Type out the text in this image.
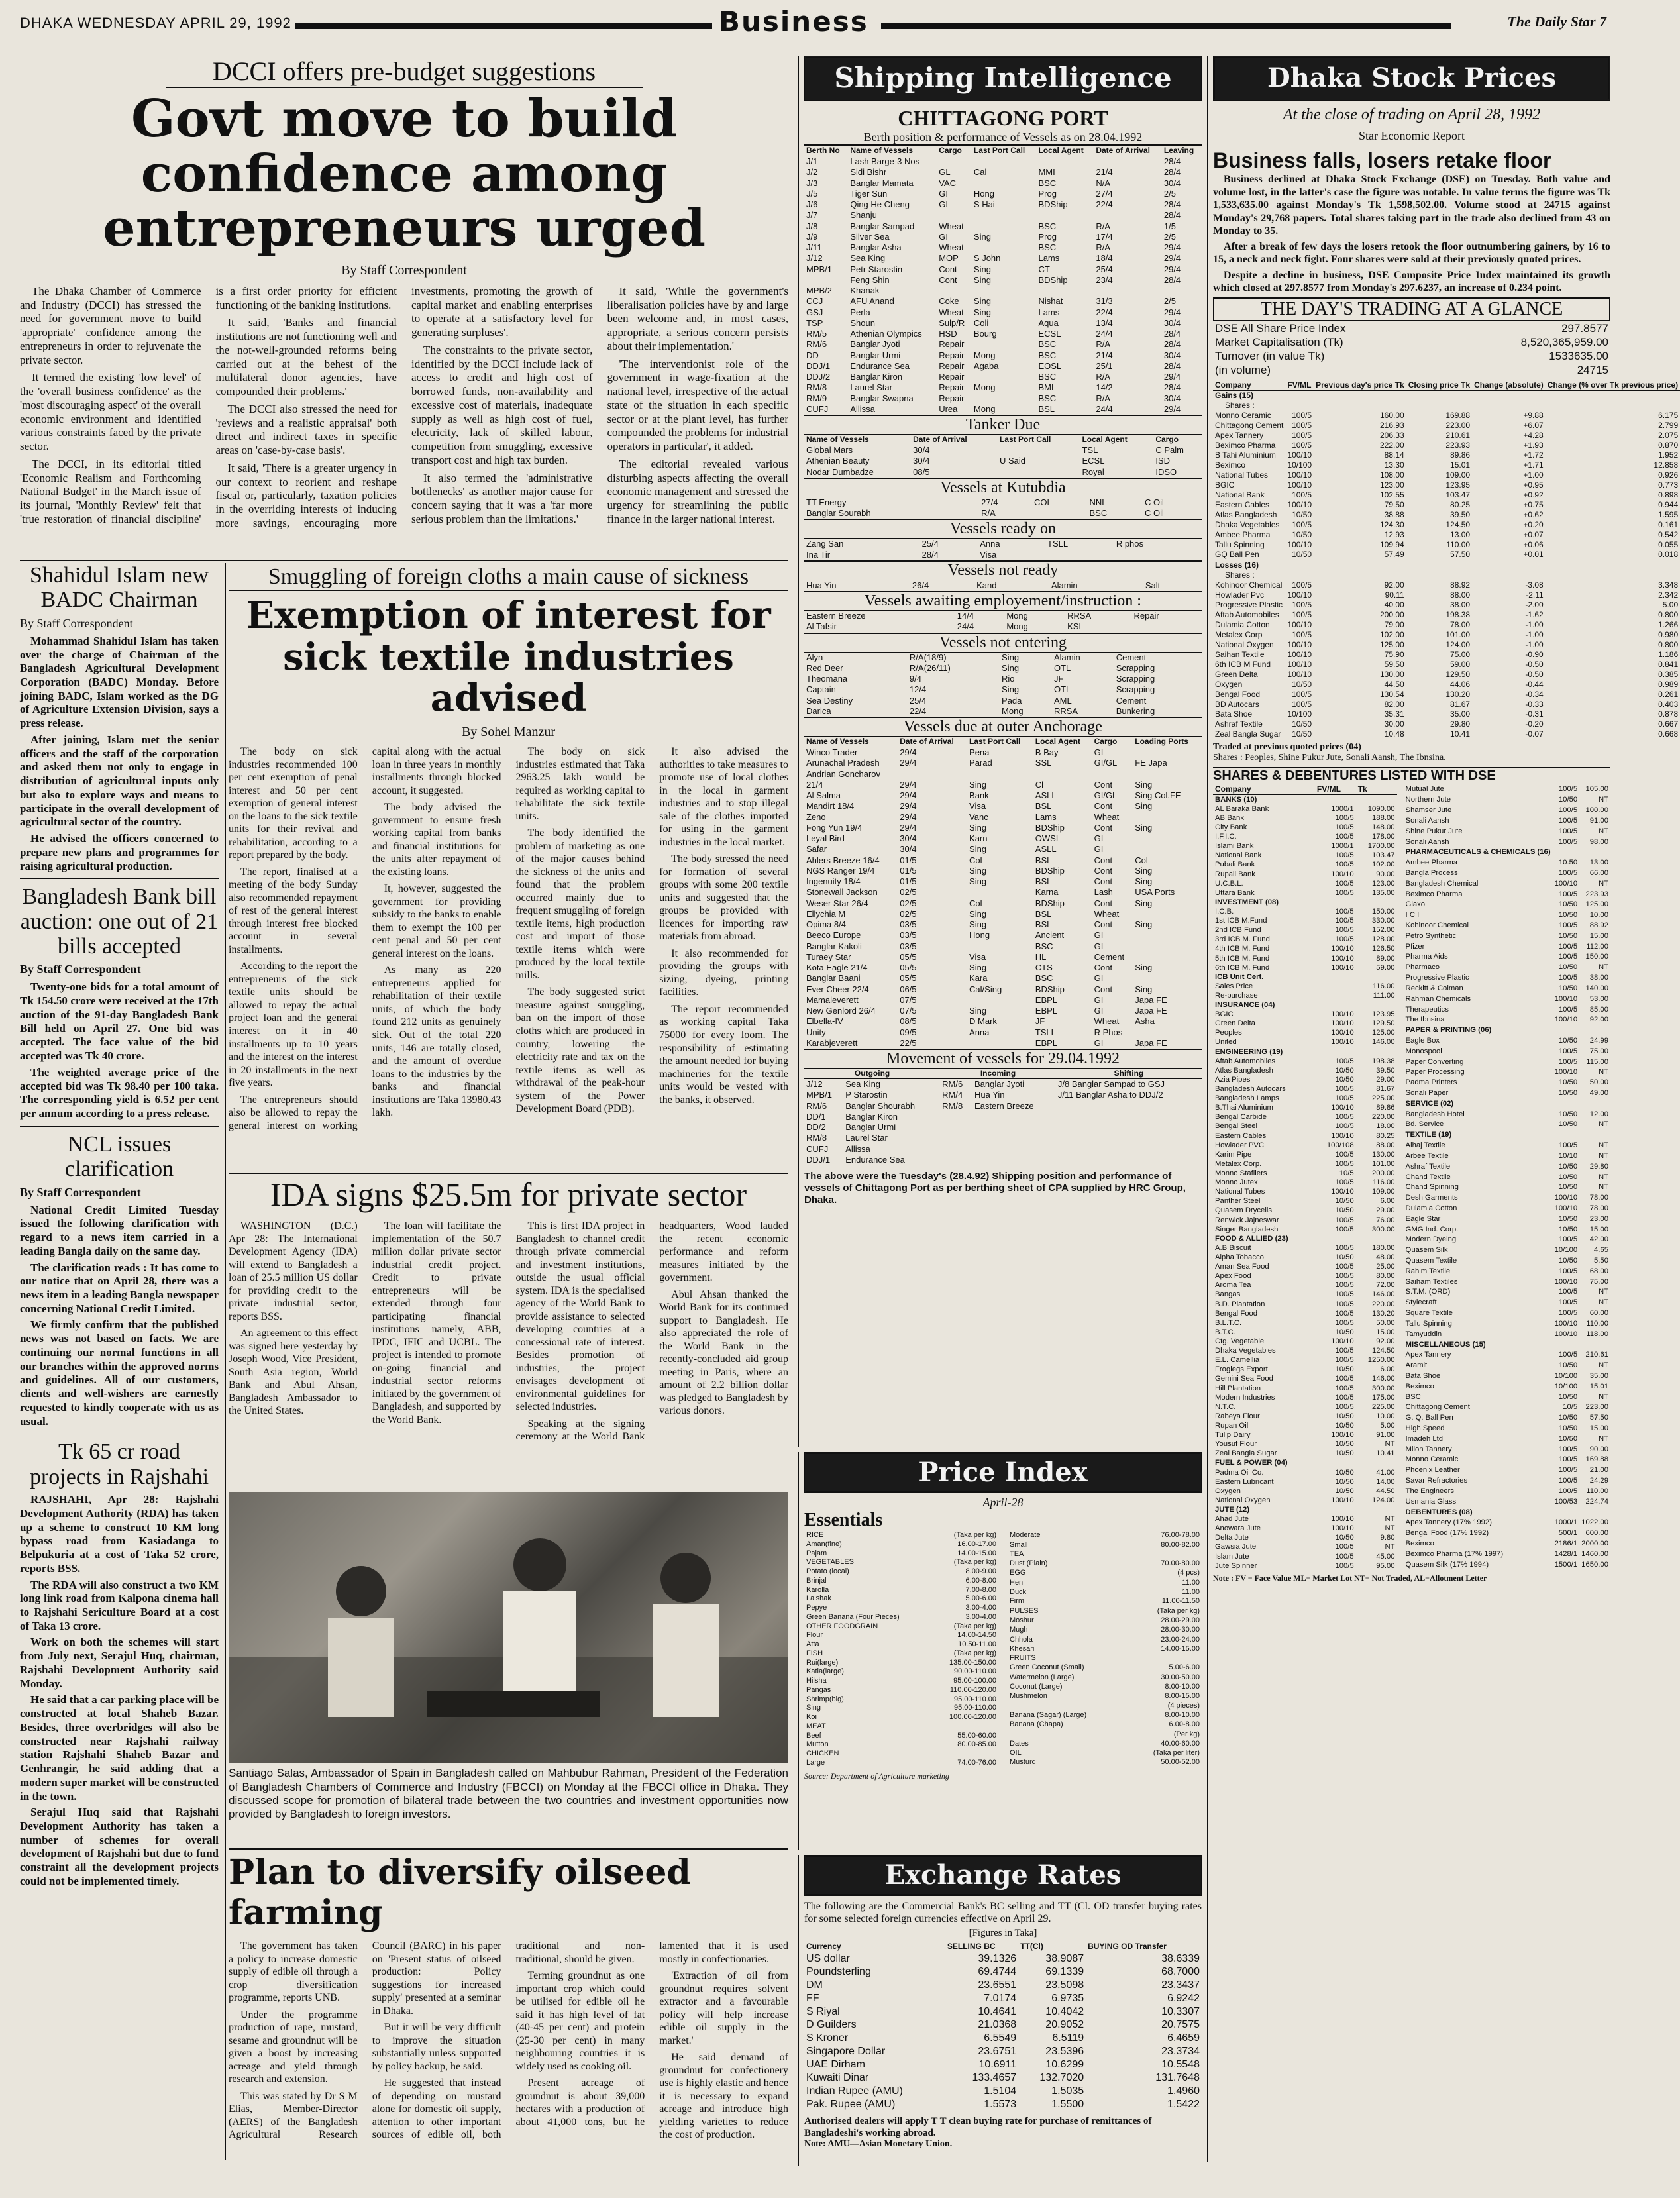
DHAKA WEDNESDAY APRIL 29, 1992	Business	The Daily Star 7
DCCI offers pre-budget suggestions
Govt move to build confidence among entrepreneurs urged
By Staff Correspondent

The Dhaka Chamber of Commerce and Industry (DCCI) has stressed the need for government move to build 'appropriate' confidence among the entrepreneurs in order to rejuvenate the private sector.

It termed the existing 'low level' of the 'overall business confidence' as the 'most discouraging aspect' of the overall economic environment and identified various constraints faced by the private sector.

The DCCI, in its editorial titled 'Economic Realism and Forthcoming National Budget' in the March issue of its journal, 'Monthly Review' felt that 'true restoration of financial discipline' is a first order priority for efficient functioning of the banking institutions.

It said, 'Banks and financial institutions are not functioning well and the not-well-grounded reforms being carried out at the behest of the multilateral donor agencies, have compounded their problems.'

The DCCI also stressed the need for 'reviews and a realistic appraisal' both direct and indirect taxes in specific areas on 'case-by-case basis'.

It said, 'There is a greater urgency in our context to reorient and reshape fiscal or, particularly, taxation policies in the overriding interests of inducing more savings, encouraging more investments, promoting the growth of capital market and enabling enterprises to operate at a satisfactory level for generating surpluses'.

The constraints to the private sector, identified by the DCCI include lack of access to credit and high cost of borrowed funds, non-availability and excessive cost of materials, inadequate supply as well as high cost of fuel, electricity, lack of skilled labour, competition from smuggling, excessive transport cost and high tax burden.

It also termed the 'administrative bottlenecks' as another major cause for concern saying that it was a 'far more serious problem than the limitations.'

It said, 'While the government's liberalisation policies have by and large been welcome and, in most cases, appropriate, a serious concern persists about their implementation.'

'The interventionist role of the government in wage-fixation at the national level, irrespective of the actual state of the situation in each specific sector or at the plant level, has further compounded the problems for industrial operators in particular', it added.

The editorial revealed various disturbing aspects affecting the overall economic management and stressed the urgency for streamlining the public finance in the larger national interest.

Shahidul Islam new BADC Chairman
By Staff Correspondent

Mohammad Shahidul Islam has taken over the charge of Chairman of the Bangladesh Agricultural Development Corporation (BADC) Monday. Before joining BADC, Islam worked as the DG of Agriculture Extension Division, says a press release.

After joining, Islam met the senior officers and the staff of the corporation and asked them not only to engage in distribution of agricultural inputs only but also to explore ways and means to participate in the overall development of agricultural sector of the country.

He advised the officers concerned to prepare new plans and programmes for raising agricultural production.

Bangladesh Bank bill auction: one out of 21 bills accepted
By Staff Correspondent

Twenty-one bids for a total amount of Tk 154.50 crore were received at the 17th auction of the 91-day Bangladesh Bank Bill held on April 27. One bid was accepted. The face value of the bid accepted was Tk 40 crore.

The weighted average price of the accepted bid was Tk 98.40 per 100 taka. The corresponding yield is 6.52 per cent per annum according to a press release.

NCL issues clarification
By Staff Correspondent

National Credit Limited Tuesday issued the following clarification with regard to a news item carried in a leading Bangla daily on the same day.

The clarification reads : It has come to our notice that on April 28, there was a news item in a leading Bangla newspaper concerning National Credit Limited.

We firmly confirm that the published news was not based on facts. We are continuing our normal functions in all our branches within the approved norms and guidelines. All of our customers, clients and well-wishers are earnestly requested to kindly cooperate with us as usual.

Tk 65 cr road projects in Rajshahi

RAJSHAHI, Apr 28: Rajshahi Development Authority (RDA) has taken up a scheme to construct 10 KM long bypass road from Kasiadanga to Belpukuria at a cost of Taka 52 crore, reports BSS.

The RDA will also construct a two KM long link road from Kalpona cinema hall to Rajshahi Sericulture Board at a cost of Taka 13 crore.

Work on both the schemes will start from July next, Serajul Huq, chairman, Rajshahi Development Authority said Monday.

He said that a car parking place will be constructed at local Shaheb Bazar. Besides, three overbridges will also be constructed near Rajshahi railway station Rajshahi Shaheb Bazar and Genhrangir, he said adding that a modern super market will be constructed in the town.

Serajul Huq said that Rajshahi Development Authority has taken a number of schemes for overall development of Rajshahi but due to fund constraint all the development projects could not be implemented timely.

Smuggling of foreign cloths a main cause of sickness
Exemption of interest for sick textile industries advised
By Sohel Manzur

The body on sick industries recommended 100 per cent exemption of penal interest and 50 per cent exemption of general interest on the loans to the sick textile units for their revival and rehabilitation, according to a report prepared by the body.

The report, finalised at a meeting of the body Sunday also recommended repayment of rest of the general interest through interest free blocked account in several installments.

According to the report the entrepreneurs of the sick textile units should be allowed to repay the actual project loan and the general interest on it in 40 installments up to 10 years and the interest on the interest in 20 installments in the next five years.

The entrepreneurs should also be allowed to repay the general interest on working capital along with the actual loan in three years in monthly installments through blocked account, it suggested.

The body advised the government to ensure fresh working capital from banks and financial institutions for the units after repayment of the existing loans.

It, however, suggested the government for providing subsidy to the banks to enable them to exempt the 100 per cent penal and 50 per cent general interest on the loans.

As many as 220 entrepreneurs applied for rehabilitation of their textile units, of which the body found 212 units as genuinely sick. Out of the total 220 units, 146 are totally closed, and the amount of overdue loans to the industries by the banks and financial institutions are Taka 13980.43 lakh.

The body on sick industries estimated that Taka 2963.25 lakh would be required as working capital to rehabilitate the sick textile units.

The body identified the problem of marketing as one of the major causes behind the sickness of the units and found that the problem occurred mainly due to frequent smuggling of foreign textile items, high production cost and import of those textile items which were produced by the local textile mills.

The body suggested strict measure against smuggling, ban on the import of those cloths which are produced in country, lowering the electricity rate and tax on the textile items as well as withdrawal of the peak-hour system of the Power Development Board (PDB).

It also advised the authorities to take measures to promote use of local clothes in the local in garment industries and to stop illegal sale of the clothes imported for using in the garment industries in the local market.

The body stressed the need for formation of several groups with some 200 textile units and suggested that the groups be provided with licences for importing raw materials from abroad.

It also recommended for providing the groups with sizing, dyeing, printing facilities.

The report recommended as working capital Taka 75000 for every loom. The responsibility of estimating the amount needed for buying machineries for the textile units would be vested with the banks, it observed.

IDA signs $25.5m for private sector

WASHINGTON (D.C.) Apr 28: The International Development Agency (IDA) will extend to Bangladesh a loan of 25.5 million US dollar for providing credit to the private industrial sector, reports BSS.

An agreement to this effect was signed here yesterday by Joseph Wood, Vice President, South Asia region, World Bank and Abul Ahsan, Bangladesh Ambassador to the United States.

The loan will facilitate the implementation of the 50.7 million dollar private sector industrial credit project. Credit to private entrepreneurs will be extended through four participating financial institutions namely, ABB, IPDC, IFIC and UCBL. The project is intended to promote on-going financial and industrial sector reforms initiated by the government of Bangladesh, and supported by the World Bank.

This is first IDA project in Bangladesh to channel credit through private commercial and investment institutions, outside the usual official system. IDA is the specialised agency of the World Bank to provide assistance to selected developing countries at a concessional rate of interest. Besides promotion of industries, the project envisages development of environmental guidelines for selected industries.

Speaking at the signing ceremony at the World Bank headquarters, Wood lauded the recent economic performance and reform measures initiated by the government.

Abul Ahsan thanked the World Bank for its continued support to Bangladesh. He also appreciated the role of the World Bank in the recently-concluded aid group meeting in Paris, where an amount of 2.2 billion dollar was pledged to Bangladesh by various donors.

Santiago Salas, Ambassador of Spain in Bangladesh called on Mahbubur Rahman, President of the Federation of Bangladesh Chambers of Commerce and Industry (FBCCI) on Monday at the FBCCI office in Dhaka. They discussed scope for promotion of bilateral trade between the two countries and investment opportunities now provided by Bangladesh to foreign investors.
Plan to diversify oilseed farming

The government has taken a policy to increase domestic supply of edible oil through a crop diversification programme, reports UNB.

Under the programme production of rape, mustard, sesame and groundnut will be given a boost by increasing acreage and yield through research and extension.

This was stated by Dr S M Elias, Member-Director (AERS) of the Bangladesh Agricultural Research Council (BARC) in his paper on 'Present status of oilseed production: Policy suggestions for increased supply' presented at a seminar in Dhaka.

But it will be very difficult to improve the situation substantially unless supported by policy backup, he said.

He suggested that instead of depending on mustard alone for domestic oil supply, attention to other important sources of edible oil, both traditional and non-traditional, should be given.

Terming groundnut as one important crop which could be utilised for edible oil he said it has high level of fat (40-45 per cent) and protein (25-30 per cent) in many neighbouring countries it is widely used as cooking oil.

Present acreage of groundnut is about 39,000 hectares with a production of about 41,000 tons, but he lamented that it is used mostly in confectionaries.

'Extraction of oil from groundnut requires solvent extractor and a favourable policy will help increase edible oil supply in the market.'

He said demand of groundnut for confectionery use is highly elastic and hence it is necessary to expand acreage and introduce high yielding varieties to reduce the cost of production.

Shipping Intelligence
CHITTAGONG PORT
Berth position & performance of Vessels as on 28.04.1992
Berth No	Name of Vessels	Cargo	Last Port Call	Local Agent	Date of Arrival	Leaving
J/1	Lash Barge-3 Nos					28/4
J/2	Sidi Bishr	GL	Cal	MMI	21/4	28/4
J/3	Banglar Mamata	VAC		BSC	N/A	30/4
J/5	Tiger Sun	GI	Hong	Prog	27/4	2/5
J/6	Qing He Cheng	GI	S Hai	BDShip	22/4	28/4
J/7	Shanju					28/4
J/8	Banglar Sampad	Wheat		BSC	R/A	1/5
J/9	Silver Sea	GI	Sing	Prog	17/4	2/5
J/11	Banglar Asha	Wheat		BSC	R/A	29/4
J/12	Sea King	MOP	S John	Lams	18/4	29/4
MPB/1	Petr Starostin	Cont	Sing	CT	25/4	29/4
	Feng Shin	Cont	Sing	BDShip	23/4	28/4
MPB/2	Khanak					
CCJ	AFU Anand	Coke	Sing	Nishat	31/3	2/5
GSJ	Perla	Wheat	Sing	Lams	22/4	29/4
TSP	Shoun	Sulp/R	Coli	Aqua	13/4	30/4
RM/5	Athenian Olympics	HSD	Bourg	ECSL	24/4	28/4
RM/6	Banglar Jyoti	Repair		BSC	R/A	28/4
DD	Banglar Urmi	Repair	Mong	BSC	21/4	30/4
DDJ/1	Endurance Sea	Repair	Agaba	EOSL	25/1	28/4
DDJ/2	Banglar Kiron	Repair		BSC	R/A	29/4
RM/8	Laurel Star	Repair	Mong	BML	14/2	28/4
RM/9	Banglar Swapna	Repair		BSC	R/A	30/4
CUFJ	Allissa	Urea	Mong	BSL	24/4	29/4
Tanker Due
Name of Vessels	Date of Arrival	Last Port Call	Local Agent	Cargo
Global Mars	30/4		TSL	C Palm
Athenian Beauty	30/4	U Said	ECSL	ISD
Nodar Dumbadze	08/5		Royal	IDSO
Vessels at Kutubdia
TT Energy	27/4	COL	NNL	C Oil
Banglar Sourabh	R/A		BSC	C Oil
Vessels ready on
Zang San	25/4	Anna	TSLL	R phos
Ina Tir	28/4	Visa		
Vessels not ready
Hua Yin	26/4	Kand	Alamin	Salt
Vessels awaiting employement/instruction :
Eastern Breeze	14/4	Mong	RRSA	Repair
Al Tafsir	24/4	Mong	KSL	
Vessels not entering
Alyn	R/A(18/9)	Sing	Alamin	Cement
Red Deer	R/A(26/11)	Sing	OTL	Scrapping
Theomana	9/4	Rio	JF	Scrapping
Captain	12/4	Sing	OTL	Scrapping
Sea Destiny	25/4	Pada	AML	Cement
Darica	22/4	Mong	RRSA	Bunkering
Vessels due at outer Anchorage
Name of Vessels	Date of Arrival	Last Port Call	Local Agent	Cargo	Loading Ports
Winco Trader	29/4	Pena	B Bay	GI	
Arunachal Pradesh	29/4	Parad	SSL	GI/GL	FE Japa
Andrian Goncharov					
21/4	29/4	Sing	Cl	Cont	Sing
Al Salma	29/4	Bank	ASLL	GI/GL	Sing Col.FE
Mandirt 18/4	29/4	Visa	BSL	Cont	Sing
Zeno	29/4	Vanc	Lams	Wheat	
Fong Yun 19/4	29/4	Sing	BDShip	Cont	Sing
Leyal Bird	30/4	Karn	OWSL	GI	
Safar	30/4	Sing	ASLL	GI	
Ahlers Breeze 16/4	01/5	Col	BSL	Cont	Col
NGS Ranger 19/4	01/5	Sing	BDShip	Cont	Sing
Ingenuity 18/4	01/5	Sing	BSL	Cont	Sing
Stonewall Jackson	02/5		Karna	Lash	USA Ports
Weser Star 26/4	02/5	Col	BDShip	Cont	Sing
Ellychia M	02/5	Sing	BSL	Wheat	
Opima 8/4	03/5	Sing	BSL	Cont	Sing
Beeco Europe	03/5	Hong	Ancient	GI	
Banglar Kakoli	03/5		BSC	GI	
Turaey Star	05/5	Visa	HL	Cement	
Kota Eagle 21/4	05/5	Sing	CTS	Cont	Sing
Banglar Baani	05/5	Kara	BSC	GI	
Ever Cheer 22/4	06/5	Cal/Sing	BDShip	Cont	Sing
Mamaleverett	07/5		EBPL	GI	Japa FE
New Genlord 26/4	07/5	Sing	EBPL	GI	Japa FE
Elbella-IV	08/5	D Mark	JF	Wheat	Asha
Unity	09/5	Anna	TSLL	R Phos	
Karabjeverett	22/5		EBPL	GI	Japa FE
Movement of vessels for 29.04.1992
Outgoing		Incoming		Shifting
J/12	Sea King	RM/6	Banglar Jyoti	J/8 Banglar Sampad to GSJ
MPB/1	P Starostin	RM/4	Hua Yin	J/11 Banglar Asha to DDJ/2
RM/6	Banglar Shourabh	RM/8	Eastern Breeze	
DD/1	Banglar Kiron			
DD/2	Banglar Urmi			
RM/8	Laurel Star			
CUFJ	Allissa			
DDJ/1	Endurance Sea			
The above were the Tuesday's (28.4.92) Shipping position and performance of vessels of Chittagong Port as per berthing sheet of CPA supplied by HRC Group, Dhaka.
Price Index
April-28
Essentials
RICE	(Taka per kg)
Aman(fine)	16.00-17.00
Pajam	14.00-15.00
VEGETABLES	(Taka per kg)
Potato (local)	8.00-9.00
Brinjal	6.00-8.00
Karolla	7.00-8.00
Lalshak	5.00-6.00
Pepye	3.00-4.00
Green Banana (Four Pieces)	3.00-4.00
OTHER FOODGRAIN	(Taka per kg)
Flour	14.00-14.50
Atta	10.50-11.00
FISH	(Taka per kg)
Rui(large)	135.00-150.00
Katla(large)	90.00-110.00
Hilsha	95.00-100.00
Pangas	110.00-120.00
Shrimp(big)	95.00-110.00
Sing	95.00-110.00
Koi	100.00-120.00
MEAT	
Beef	55.00-60.00
Mutton	80.00-85.00
CHICKEN	
Large	74.00-76.00
Moderate	76.00-78.00
Small	80.00-82.00
TEA	
Dust (Plain)	70.00-80.00
EGG	(4 pcs)
Hen	11.00
Duck	11.00
Firm	11.00-11.50
PULSES	(Taka per kg)
Moshur	28.00-29.00
Mugh	28.00-30.00
Chhola	23.00-24.00
Khesari	14.00-15.00
FRUITS	
Green Coconut (Small)	5.00-6.00
Watermelon (Large)	30.00-50.00
Coconut (Large)	8.00-10.00
Mushmelon	8.00-15.00
	(4 pieces)
Banana (Sagar) (Large)	8.00-10.00
Banana (Chapa)	6.00-8.00
	(Per kg)
Dates	40.00-60.00
OIL	(Taka per liter)
Musturd	50.00-52.00
Source: Department of Agriculture marketing
Exchange Rates
The following are the Commercial Bank's BC selling and TT (Cl. OD transfer buying rates for some selected foreign currencies effective on April 29.
[Figures in Taka]
Currency	SELLING BC	TT(Cl)	BUYING OD Transfer
US dollar	39.1326	38.9087	38.6339
Poundsterling	69.4744	69.1339	68.7000
DM	23.6551	23.5098	23.3437
FF	7.0174	6.9735	6.9242
S Riyal	10.4641	10.4042	10.3307
D Guilders	21.0368	20.9052	20.7575
S Kroner	6.5549	6.5119	6.4659
Singapore Dollar	23.6751	23.5396	23.3734
UAE Dirham	10.6911	10.6299	10.5548
Kuwaiti Dinar	133.4657	132.7020	131.7648
Indian Rupee (AMU)	1.5104	1.5035	1.4960
Pak. Rupee (AMU)	1.5573	1.5500	1.5422
Authorised dealers will apply T T clean buying rate for purchase of remittances of Bangladeshi's working abroad.
Note: AMU—Asian Monetary Union.
Dhaka Stock Prices
At the close of trading on April 28, 1992
Star Economic Report
Business falls, losers retake floor

Business declined at Dhaka Stock Exchange (DSE) on Tuesday. Both value and volume lost, in the latter's case the figure was notable. In value terms the figure was Tk 1,533,635.00 against Monday's Tk 1,598,502.00. Volume stood at 24715 against Monday's 29,768 papers. Total shares taking part in the trade also declined from 43 on Monday to 35.

After a break of few days the losers retook the floor outnumbering gainers, by 16 to 15, a neck and neck fight. Four shares were sold at their previously quoted prices.

Despite a decline in business, DSE Composite Price Index maintained its growth which closed at 297.8577 from Monday's 297.6237, an increase of 0.234 point.

THE DAY'S TRADING AT A GLANCE
DSE All Share Price Index	297.8577
Market Capitalisation (Tk)	8,520,365,959.00
Turnover (in value Tk)	1533635.00
(in volume)	24715
Company	FV/ML	Previous day's price Tk	Closing price Tk	Change (absolute)	Change (% over Tk previous price)
Gains (15)					
Shares :					
Monno Ceramic	100/5	160.00	169.88	+9.88	6.175
Chittagong Cement	100/5	216.93	223.00	+6.07	2.799
Apex Tannery	100/5	206.33	210.61	+4.28	2.075
Beximco Pharma	100/5	222.00	223.93	+1.93	0.870
B Tahi Aluminium	100/10	88.14	89.86	+1.72	1.952
Beximco	10/100	13.30	15.01	+1.71	12.858
National Tubes	100/10	108.00	109.00	+1.00	0.926
BGIC	100/10	123.00	123.95	+0.95	0.773
National Bank	100/5	102.55	103.47	+0.92	0.898
Eastern Cables	100/10	79.50	80.25	+0.75	0.944
Atlas Bangladesh	10/50	38.88	39.50	+0.62	1.595
Dhaka Vegetables	100/5	124.30	124.50	+0.20	0.161
Ambee Pharma	10/50	12.93	13.00	+0.07	0.542
Tallu Spinning	100/10	109.94	110.00	+0.06	0.055
GQ Ball Pen	10/50	57.49	57.50	+0.01	0.018
Losses (16)					
Shares :					
Kohinoor Chemical	100/5	92.00	88.92	-3.08	3.348
Howlader Pvc	100/10	90.11	88.00	-2.11	2.342
Progressive Plastic	100/5	40.00	38.00	-2.00	5.00
Aftab Automobiles	100/5	200.00	198.38	-1.62	0.800
Dulamia Cotton	100/10	79.00	78.00	-1.00	1.266
Metalex Corp	100/5	102.00	101.00	-1.00	0.980
National Oxygen	100/10	125.00	124.00	-1.00	0.800
Saihan Textile	100/10	75.90	75.00	-0.90	1.186
6th ICB M Fund	100/10	59.50	59.00	-0.50	0.841
Green Delta	100/10	130.00	129.50	-0.50	0.385
Oxygen	10/50	44.50	44.06	-0.44	0.989
Bengal Food	100/5	130.54	130.20	-0.34	0.261
BD Autocars	100/5	82.00	81.67	-0.33	0.403
Bata Shoe	10/100	35.31	35.00	-0.31	0.878
Ashraf Textile	10/50	30.00	29.80	-0.20	0.667
Zeal Bangla Sugar	10/50	10.48	10.41	-0.07	0.668
Traded at previous quoted prices (04)
Shares : Peoples, Shine Pukur Jute, Sonali Aansh, The Ibnsina.
SHARES & DEBENTURES LISTED WITH DSE
Company	FV/ML	Tk
BANKS (10)		
AL Baraka Bank	1000/1	1090.00
AB Bank	100/5	188.00
City Bank	100/5	148.00
I.F.I.C.	100/5	178.00
Islami Bank	1000/1	1700.00
National Bank	100/5	103.47
Pubali Bank	100/5	102.00
Rupali Bank	100/10	90.00
U.C.B.L.	100/5	123.00
Uttara Bank	100/5	135.00
INVESTMENT (08)		
I.C.B.	100/5	150.00
1st ICB M.Fund	100/5	330.00
2nd ICB Fund	100/5	152.00
3rd ICB M. Fund	100/5	128.00
4th ICB M. Fund	100/10	126.50
5th ICB M. Fund	100/10	89.00
6th ICB M. Fund	100/10	59.00
ICB Unit Cert.		
Sales Price		116.00
Re-purchase		111.00
INSURANCE (04)		
BGIC	100/10	123.95
Green Delta	100/10	129.50
Peoples	100/10	125.00
United	100/10	146.00
ENGINEERING (19)		
Aftab Automobiles	100/5	198.38
Atlas Bangladesh	10/50	39.50
Azia Pipes	10/50	29.00
Bangladesh Autocars	100/5	81.67
Bangladesh Lamps	100/5	225.00
B.Thai Aluminium	100/10	89.86
Bengal Carbide	100/5	220.00
Bengal Steel	100/5	18.00
Eastern Cables	100/10	80.25
Howlader PVC	100/108	88.00
Karim Pipe	100/5	130.00
Metalex Corp.	100/5	101.00
Monno Stafllers	10/5	200.00
Monno Jutex	100/5	116.00
National Tubes	100/10	109.00
Panther Steel	10/50	6.00
Quasem Drycells	10/50	29.00
Renwick Jajneswar	100/5	76.00
Singer Bangladesh	100/5	300.00
FOOD & ALLIED (23)		
A.B Biscuit	100/5	180.00
Alpha Tobacco	10/50	48.00
Aman Sea Food	100/5	25.00
Apex Food	100/5	80.00
Aroma Tea	100/5	72.00
Bangas	100/5	146.00
B.D. Plantation	100/5	220.00
Bengal Food	100/5	130.20
B.L.T.C.	100/5	50.00
B.T.C.	10/50	15.00
Ctg. Vegetable	100/10	92.00
Dhaka Vegetables	100/5	124.50
E.L. Camellia	100/5	1250.00
Froglegs Export	10/50	6.00
Gemini Sea Food	100/5	146.00
Hill Plantation	100/5	300.00
Modern Industries	100/5	175.00
N.T.C.	100/5	225.00
Rabeya Flour	10/50	10.00
Rupan Oil	10/50	5.00
Tulip Dairy	100/10	91.00
Yousuf Flour	10/50	NT
Zeal Bangla Sugar	10/50	10.41
FUEL & POWER (04)		
Padma Oil Co.	10/50	41.00
Eastern Lubricant	10/50	14.00
Oxygen	10/50	44.50
National Oxygen	100/10	124.00
JUTE (12)		
Ahad Jute	100/10	NT
Anowara Jute	100/10	NT
Delta Jute	10/50	9.80
Gawsia Jute	100/5	NT
Islam Jute	100/5	45.00
Jute Spinner	100/5	95.00
Mutual Jute	100/5	105.00
Northern Jute	10/50	NT
Shamser Jute	100/5	100.00
Sonali Aansh	100/5	91.00
Shine Pukur Jute	100/5	NT
Sonali Aansh	100/5	98.00
PHARMACEUTICALS & CHEMICALS (16)		
Ambee Pharma	10.50	13.00
Bangla Process	100/5	66.00
Bangladesh Chemical	100/10	NT
Beximco Pharma	100/5	223.93
Glaxo	10/50	125.00
I C I	10/50	10.00
Kohinoor Chemical	100/5	88.92
Petro Synthetic	10/50	15.00
Pfizer	100/5	112.00
Pharma Aids	100/5	150.00
Pharmaco	10/50	NT
Progressive Plastic	100/5	38.00
Reckitt & Colman	10/50	140.00
Rahman Chemicals	100/10	53.00
Therapeutics	100/5	85.00
The Ibnsina	100/10	92.00
PAPER & PRINTING (06)		
Eagle Box	10/50	24.99
Monospool	100/5	75.00
Paper Converting	100/5	115.00
Paper Processing	100/10	NT
Padma Printers	10/50	50.00
Sonali Paper	10/50	49.00
SERVICE (02)		
Bangladesh Hotel	10/50	12.00
Bd. Service	10/50	NT
TEXTILE (19)		
Alhaj Textile	100/5	NT
Arbee Textile	10/10	NT
Ashraf Textile	10/50	29.80
Chand Textile	10/50	NT
Chand Spinning	10/50	NT
Desh Garments	100/10	78.00
Dulamia Cotton	100/10	78.00
Eagle Star	10/50	23.00
GMG Ind. Corp.	10/50	15.00
Modern Dyeing	100/5	42.00
Quasem Silk	10/100	4.65
Quasem Textile	10/50	5.50
Rahim Textile	100/5	68.00
Saiham Textiles	100/10	75.00
S.T.M. (ORD)	100/5	NT
Stylecraft	100/5	NT
Square Textile	100/5	60.00
Tallu Spinning	100/10	110.00
Tamyuddin	100/10	118.00
MISCELLANEOUS (15)		
Apex Tannery	100/5	210.61
Aramit	10/50	NT
Bata Shoe	10/100	35.00
Beximco	10/100	15.01
BSC	10/50	NT
Chittagong Cement	10/5	223.00
G. Q. Ball Pen	10/50	57.50
High Speed	10/50	15.00
Imadeh Ltd	10/50	NT
Milon Tannery	100/5	90.00
Monno Ceramic	100/5	169.88
Phoenix Leather	100/5	21.00
Savar Refractories	100/5	24.29
The Engineers	100/5	110.00
Usmania Glass	100/53	224.74
DEBENTURES (08)		
Apex Tannery (17% 1992)	1000/1	1022.00
Bengal Food (17% 1992)	500/1	600.00
Beximco	2186/1	2000.00
Beximco Pharma (17% 1997)	1428/1	1460.00
Quasem Silk (17% 1994)	1500/1	1650.00
Note : FV = Face Value ML= Market Lot NT= Not Traded, AL=Allotment Letter
